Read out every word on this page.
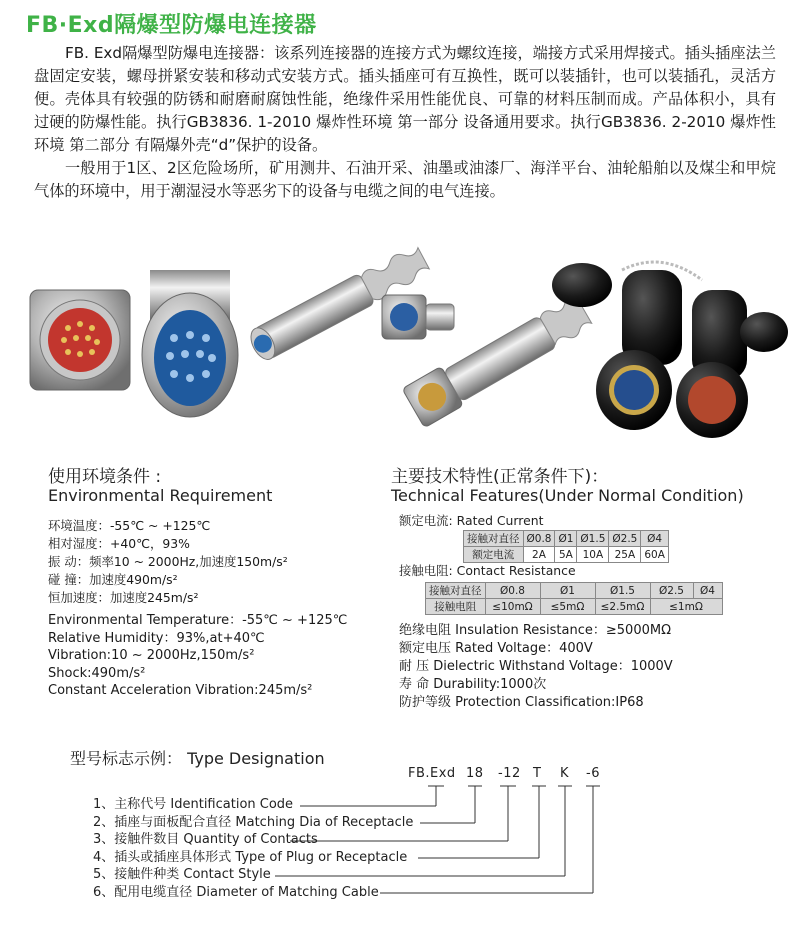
FB·Exd隔爆型防爆电连接器

FB. Exd隔爆型防爆电连接器：该系列连接器的连接方式为螺纹连接，端接方式采用焊接式。插头插座法兰盘固定安装，螺母拼紧安装和移动式安装方式。插头插座可有互换性，既可以装插针，也可以装插孔，灵活方便。壳体具有较强的防锈和耐磨耐腐蚀性能，绝缘件采用性能优良、可靠的材料压制而成。产品体积小，具有过硬的防爆性能。执行GB3836. 1-2010 爆炸性环境 第一部分 设备通用要求。执行GB3836. 2-2010 爆炸性环境 第二部分 有隔爆外壳“d”保护的设备。

一般用于1区、2区危险场所，矿用测井、石油开采、油墨或油漆厂、海洋平台、油轮船舶以及煤尘和甲烷气体的环境中，用于潮湿浸水等恶劣下的设备与电缆之间的电气连接。

使用环境条件 :
Environmental Requirement
环境温度：-55℃ ~ +125℃
相对湿度：+40℃，93%
振 动：频率10 ~ 2000Hz,加速度150m/s²
碰 撞：加速度490m/s²
恒加速度：加速度245m/s²
Environmental Temperature：-55℃ ~ +125℃
Relative Humidity：93%,at+40℃
Vibration:10 ~ 2000Hz,150m/s²
Shock:490m/s²
Constant Acceleration Vibration:245m/s²
主要技术特性(正常条件下)：
Technical Features(Under Normal Condition)
额定电流: Rated Current
接触对直径	Ø0.8	Ø1	Ø1.5	Ø2.5	Ø4
额定电流	2A	5A	10A	25A	60A
接触电阻: Contact Resistance
接触对直径	Ø0.8	Ø1	Ø1.5	Ø2.5	Ø4
接触电阻	≤10mΩ	≤5mΩ	≤2.5mΩ	≤1mΩ	
绝缘电阻 Insulation Resistance：≥5000MΩ
额定电压 Rated Voltage：400V
耐 压 Dielectric Withstand Voltage：1000V
寿 命 Durability:1000次
防护等级 Protection Classification:IP68
型号标志示例： Type Designation
FB.Exd 18 -12 T K -6
1、主称代号 Identification Code
2、插座与面板配合直径 Matching Dia of Receptacle
3、接触件数目 Quantity of Contacts
4、插头或插座具体形式 Type of Plug or Receptacle
5、接触件种类 Contact Style
6、配用电缆直径 Diameter of Matching Cable
